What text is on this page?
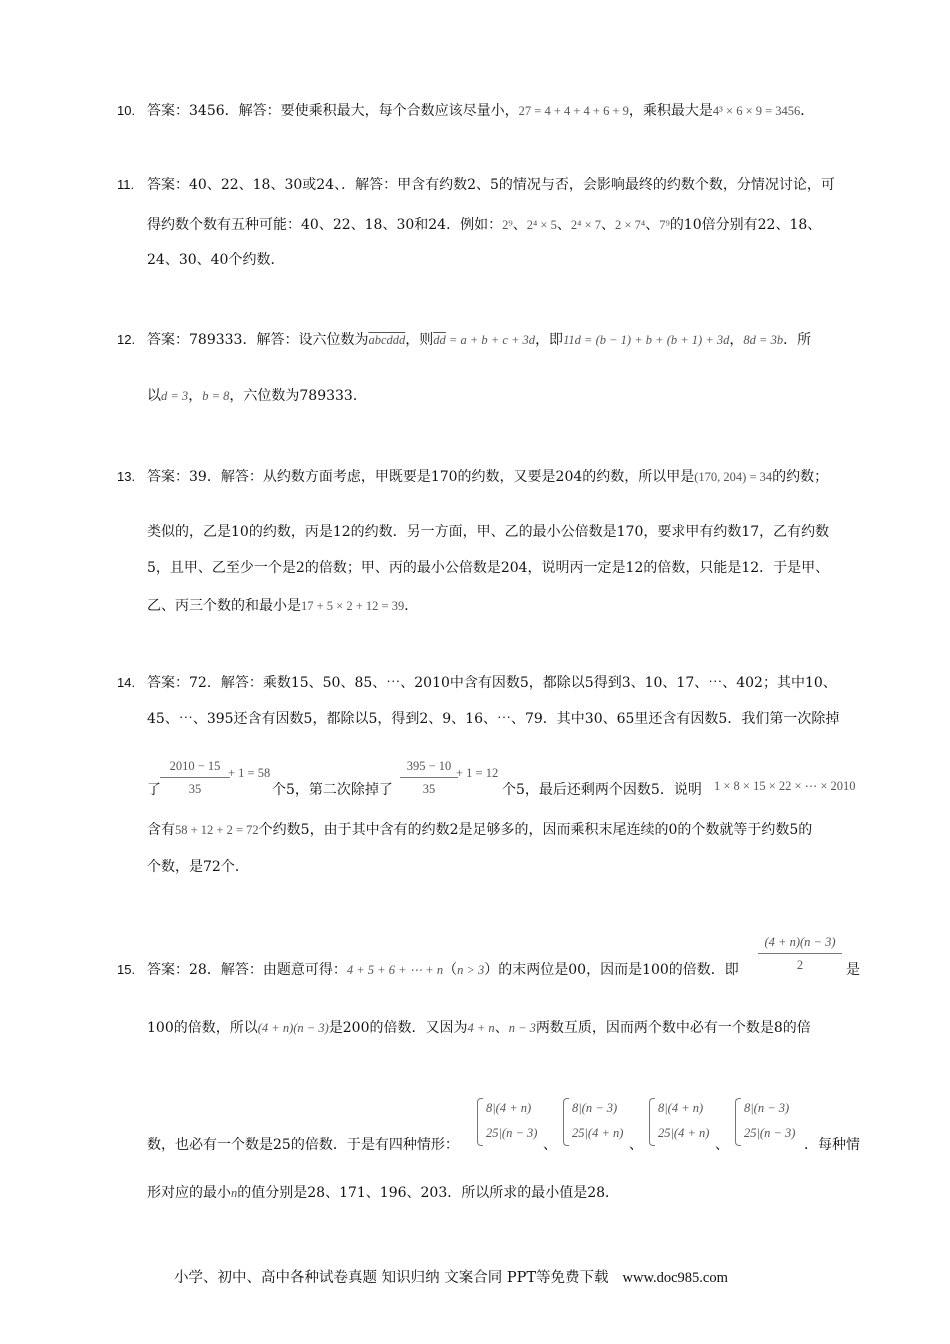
10. 答案：3456．解答：要使乘积最大，每个合数应该尽量小，27 = 4 + 4 + 4 + 6 + 9，乘积最大是4³ × 6 × 9 = 3456．
11. 答案：40、22、18、30或24、．解答：甲含有约数2、5的情况与否，会影响最终的约数个数，分情况讨论，可
得约数个数有五种可能：40、22、18、30和24．例如：2⁹、2⁴ × 5、2⁴ × 7、2 × 7⁴、7⁹的10倍分别有22、18、
24、30、40个约数．
12. 答案：789333．解答：设六位数为abcddd，则$\overline{dd} = a + b + c + 3d$，即11d = (b − 1) + b + (b + 1) + 3d，8d = 3b．所
以d = 3，b = 8，六位数为789333．
13. 答案：39．解答：从约数方面考虑，甲既要是170的约数，又要是204的约数，所以甲是(170, 204) = 34的约数；
类似的，乙是10的约数，丙是12的约数．另一方面，甲、乙的最小公倍数是170，要求甲有约数17，乙有约数
5，且甲、乙至少一个是2的倍数；甲、丙的最小公倍数是204，说明丙一定是12的倍数，只能是12．于是甲、
乙、丙三个数的和最小是17 + 5 × 2 + 12 = 39．
14. 答案：72．解答：乘数15、50、85、⋯、2010中含有因数5，都除以5得到3、10、17、⋯、402；其中10、
45、⋯、395还含有因数5，都除以5，得到2、9、16、⋯、79．其中30、65里还含有因数5．我们第一次除掉
了
2010 − 15
35
+ 1 = 58
个5，第二次除掉了
395 − 10
35
+ 1 = 12
个5，最后还剩两个因数5．说明 1 × 8 × 15 × 22 × ⋯ × 2010
含有58 + 12 + 2 = 72个约数5，由于其中含有的约数2是足够多的，因而乘积末尾连续的0的个数就等于约数5的
个数，是72个．
15. 答案：28．解答：由题意可得：4 + 5 + 6 + ⋯ + n（n > 3）的末两位是00，因而是100的倍数．即
(4 + n)(n − 3)
2	是
100的倍数，所以(4 + n)(n − 3)是200的倍数．又因为4 + n、n − 3两数互质，因而两个数中必有一个数是8的倍
数，也必有一个数是25的倍数．于是有四种情形：
8|(4 + n)
25|(n − 3)
、
8|(n − 3)
25|(4 + n)
、
8|(4 + n)
25|(4 + n)
、
8|(n − 3)
25|(n − 3)
．每种情
形对应的最小n的值分别是28、171、196、203．所以所求的最小值是28．
小学、初中、高中各种试卷真题 知识归纳 文案合同 PPT等免费下载 www.doc985.com
